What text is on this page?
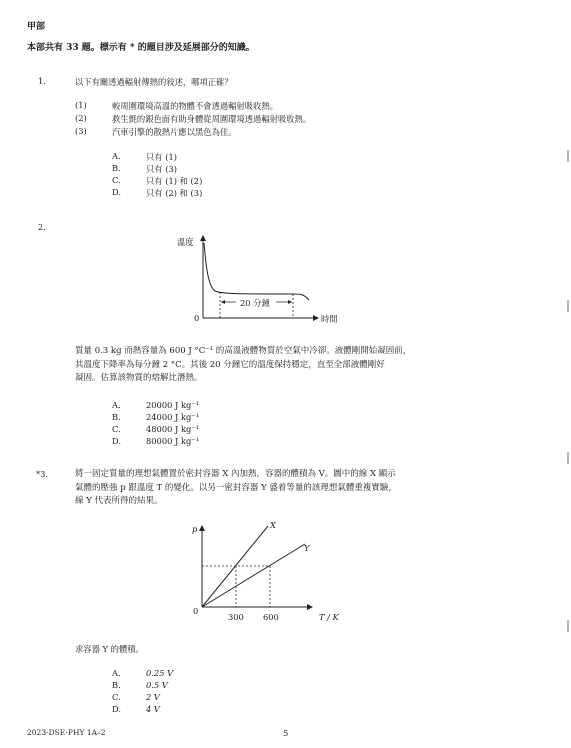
甲部
本部共有 33 題。標示有 * 的題目涉及延展部分的知識。
1.	以下有關透過輻射傳熱的敍述，哪項正確？
(1)	較周圍環境高溫的物體不會透過輻射吸收熱。
(2)	救生氈的銀色面有助身體從周圍環境透過輻射吸收熱。
(3)	汽車引擎的散熱片應以黑色為佳。
A.	只有 (1)
B.	只有 (3)
C.	只有 (1) 和 (2)
D.	只有 (2) 和 (3)
2.
溫度
時間
0
20 分鐘
質量 0.3 kg 而熱容量為 600 J °C⁻¹ 的高溫液體物質於空氣中冷卻。液體剛開始凝固前，
其溫度下降率為每分鐘 2 °C。其後 20 分鐘它的溫度保持穩定，直至全部液體剛好
凝固。估算該物質的熔解比潛熱。
A.	20000 J kg⁻¹
B.	24000 J kg⁻¹
C.	48000 J kg⁻¹
D.	80000 J kg⁻¹
*3.	將一固定質量的理想氣體置於密封容器 X 內加熱，容器的體積為 V。圖中的線 X 顯示
氣體的壓強 p 跟溫度 T 的變化。以另一密封容器 Y 盛着等量的該理想氣體重複實驗，
線 Y 代表所得的結果。
p	X
Y
0
300 600	T / K
求容器 Y 的體積。
A.	0.25 V
B.	0.5 V
C.	2 V
D.	4 V
2023-DSE-PHY 1A–2	5
